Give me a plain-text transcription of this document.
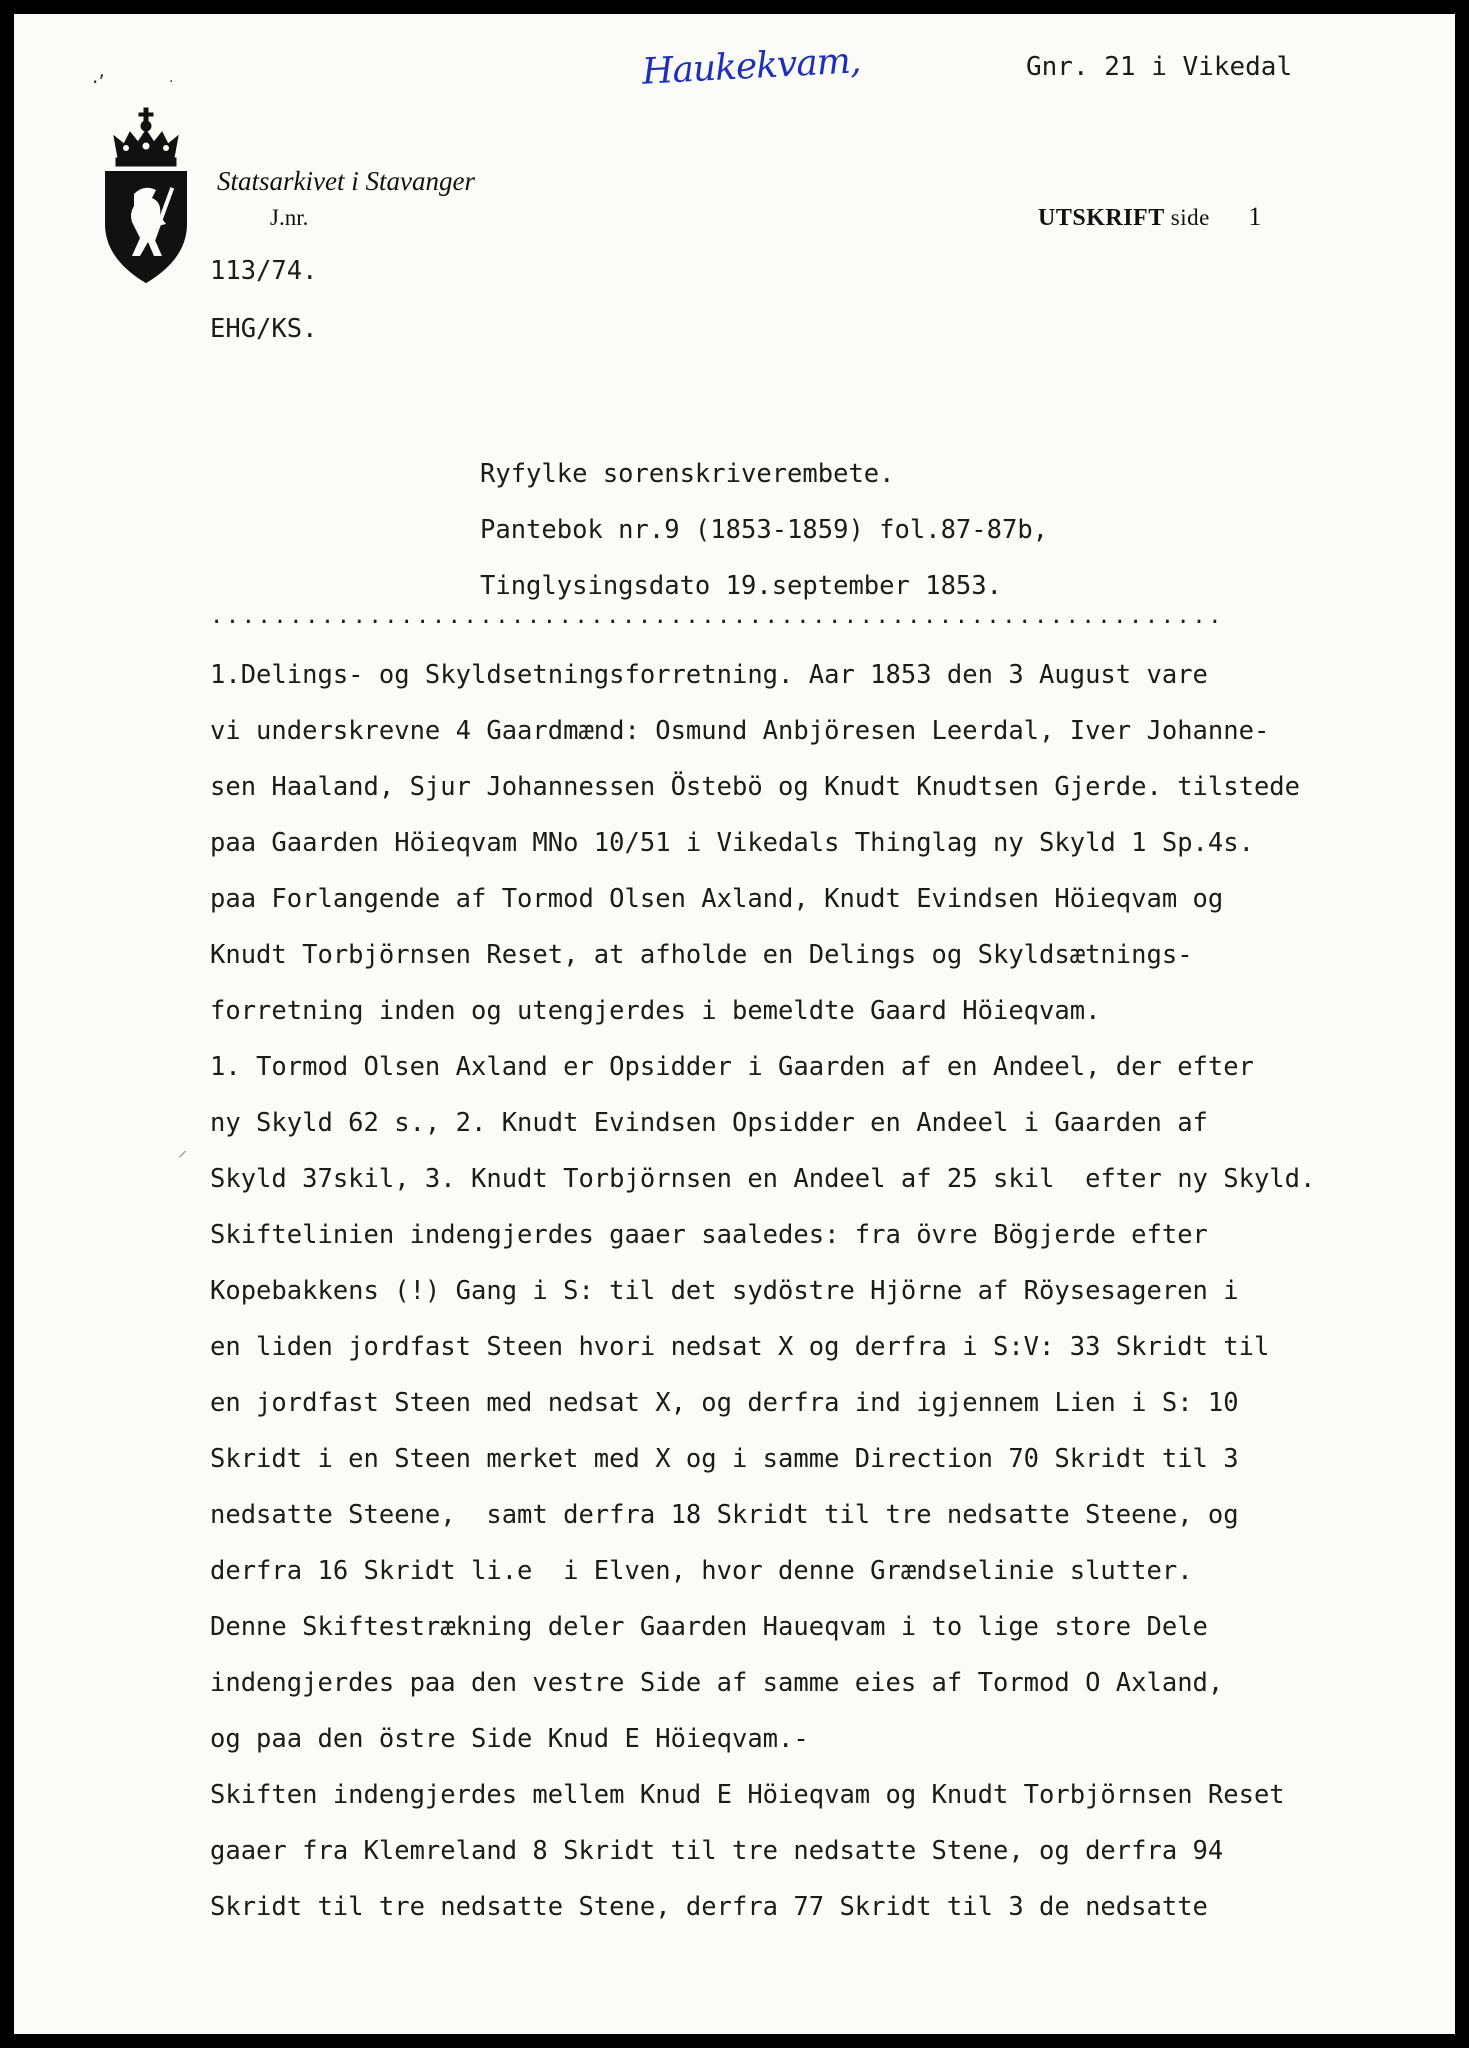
·ʼ	·	Haukekvam,	Gnr. 21 i Vikedal
Statsarkivet i Stavanger
J.nr.	UTSKRIFT side 1
113/74.
EHG/KS.
Ryfylke sorenskriverembete.
Pantebok nr.9 (1853-1859) fol.87-87b,
Tinglysingsdato 19.september 1853.
................................................................
1.Delings- og Skyldsetningsforretning. Aar 1853 den 3 August vare
vi underskrevne 4 Gaardmænd: Osmund Anbjöresen Leerdal, Iver Johanne-
sen Haaland, Sjur Johannessen Östebö og Knudt Knudtsen Gjerde. tilstede
paa Gaarden Höieqvam MNo 10/51 i Vikedals Thinglag ny Skyld 1 Sp.4s.
paa Forlangende af Tormod Olsen Axland, Knudt Evindsen Höieqvam og
Knudt Torbjörnsen Reset, at afholde en Delings og Skyldsætnings-
forretning inden og utengjerdes i bemeldte Gaard Höieqvam.
1. Tormod Olsen Axland er Opsidder i Gaarden af en Andeel, der efter
ny Skyld 62 s., 2. Knudt Evindsen Opsidder en Andeel i Gaarden af
Skyld 37skil, 3. Knudt Torbjörnsen en Andeel af 25 skil  efter ny Skyld.
Skiftelinien indengjerdes gaaer saaledes: fra övre Bögjerde efter
Kopebakkens (!) Gang i S: til det sydöstre Hjörne af Röysesageren i
en liden jordfast Steen hvori nedsat X og derfra i S:V: 33 Skridt til
en jordfast Steen med nedsat X, og derfra ind igjennem Lien i S: 10
Skridt i en Steen merket med X og i samme Direction 70 Skridt til 3
nedsatte Steene,  samt derfra 18 Skridt til tre nedsatte Steene, og
derfra 16 Skridt li.e  i Elven, hvor denne Grændselinie slutter.
Denne Skiftestrækning deler Gaarden Haueqvam i to lige store Dele
indengjerdes paa den vestre Side af samme eies af Tormod O Axland,
og paa den östre Side Knud E Höieqvam.-
Skiften indengjerdes mellem Knud E Höieqvam og Knudt Torbjörnsen Reset
gaaer fra Klemreland 8 Skridt til tre nedsatte Stene, og derfra 94
Skridt til tre nedsatte Stene, derfra 77 Skridt til 3 de nedsatte
⸝
